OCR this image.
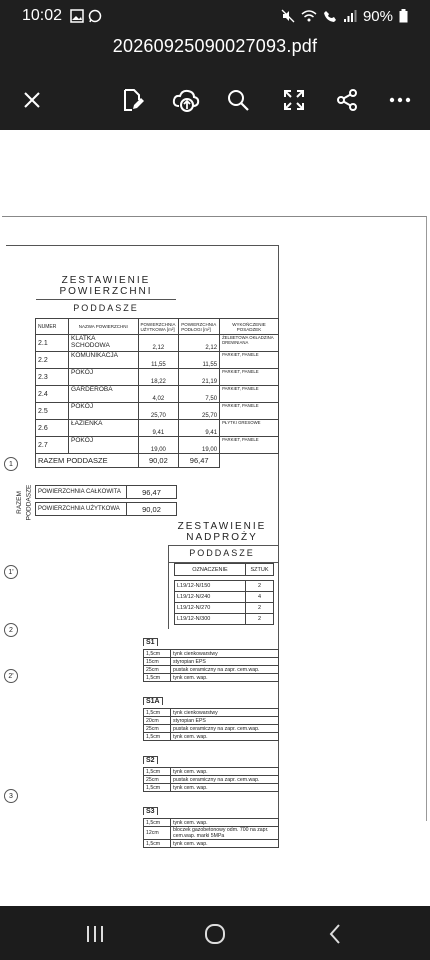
10:02	90%
20260925090027093.pdf
ZESTAWIENIE
POWIERZCHNI
PODDASZE
NUMER	NAZWA POWIERZCHNI	POWIERZCHNIA UŻYTKOWA [m²]	POWIERZCHNIA PODŁOGI [m²]	WYKOŃCZENIE POSADZEK
2.1	KLATKA SCHODOWA	2,12	2,12	ŻELBETOWA OKŁADZINA DREWNIANA
2.2	KOMUNIKACJA	11,55	11,55	PARKIET, PANELE
2.3	POKÓJ	18,22	21,19	PARKIET, PANELE
2.4	GARDEROBA	4,02	7,50	PARKIET, PANELE
2.5	POKÓJ	25,70	25,70	PARKIET, PANELE
2.6	ŁAZIENKA	9,41	9,41	PŁYTKI GRESOWE
2.7	POKÓJ	19,00	19,00	PARKIET, PANELE
RAZEM PODDASZE		90,02	96,47	
1
RAZEM PODDASZE POWIERZCHNIA CAŁKOWITA	96,47

POWIERZCHNIA UŻYTKOWA	90,02
ZESTAWIENIE
NADPROŻY
PODDASZE
OZNACZENIE	SZTUK

L19/12-N/150	2
L19/12-N/240	4
L19/12-N/270	2
L19/12-N/300	2
1'
2
2'
3
S1
1,5cm	tynk cienkowarstwy
15cm	styropian EPS
25cm	pustak ceramiczny na zapr. cem.wap.
1,5cm	tynk cem. wap.
S1A
1,5cm	tynk cienkowarstwy
20cm	styropian EPS
25cm	pustak ceramiczny na zapr. cem.wap.
1,5cm	tynk cem. wap.
S2
1,5cm	tynk cem. wap.
25cm	pustak ceramiczny na zapr. cem.wap.
1,5cm	tynk cem. wap.
S3
1,5cm	tynk cem. wap.
12cm	bloczek gazobetonowy odm. 700 na zapr. cem.wap. marki 5MPa
1,5cm	tynk cem. wap.
